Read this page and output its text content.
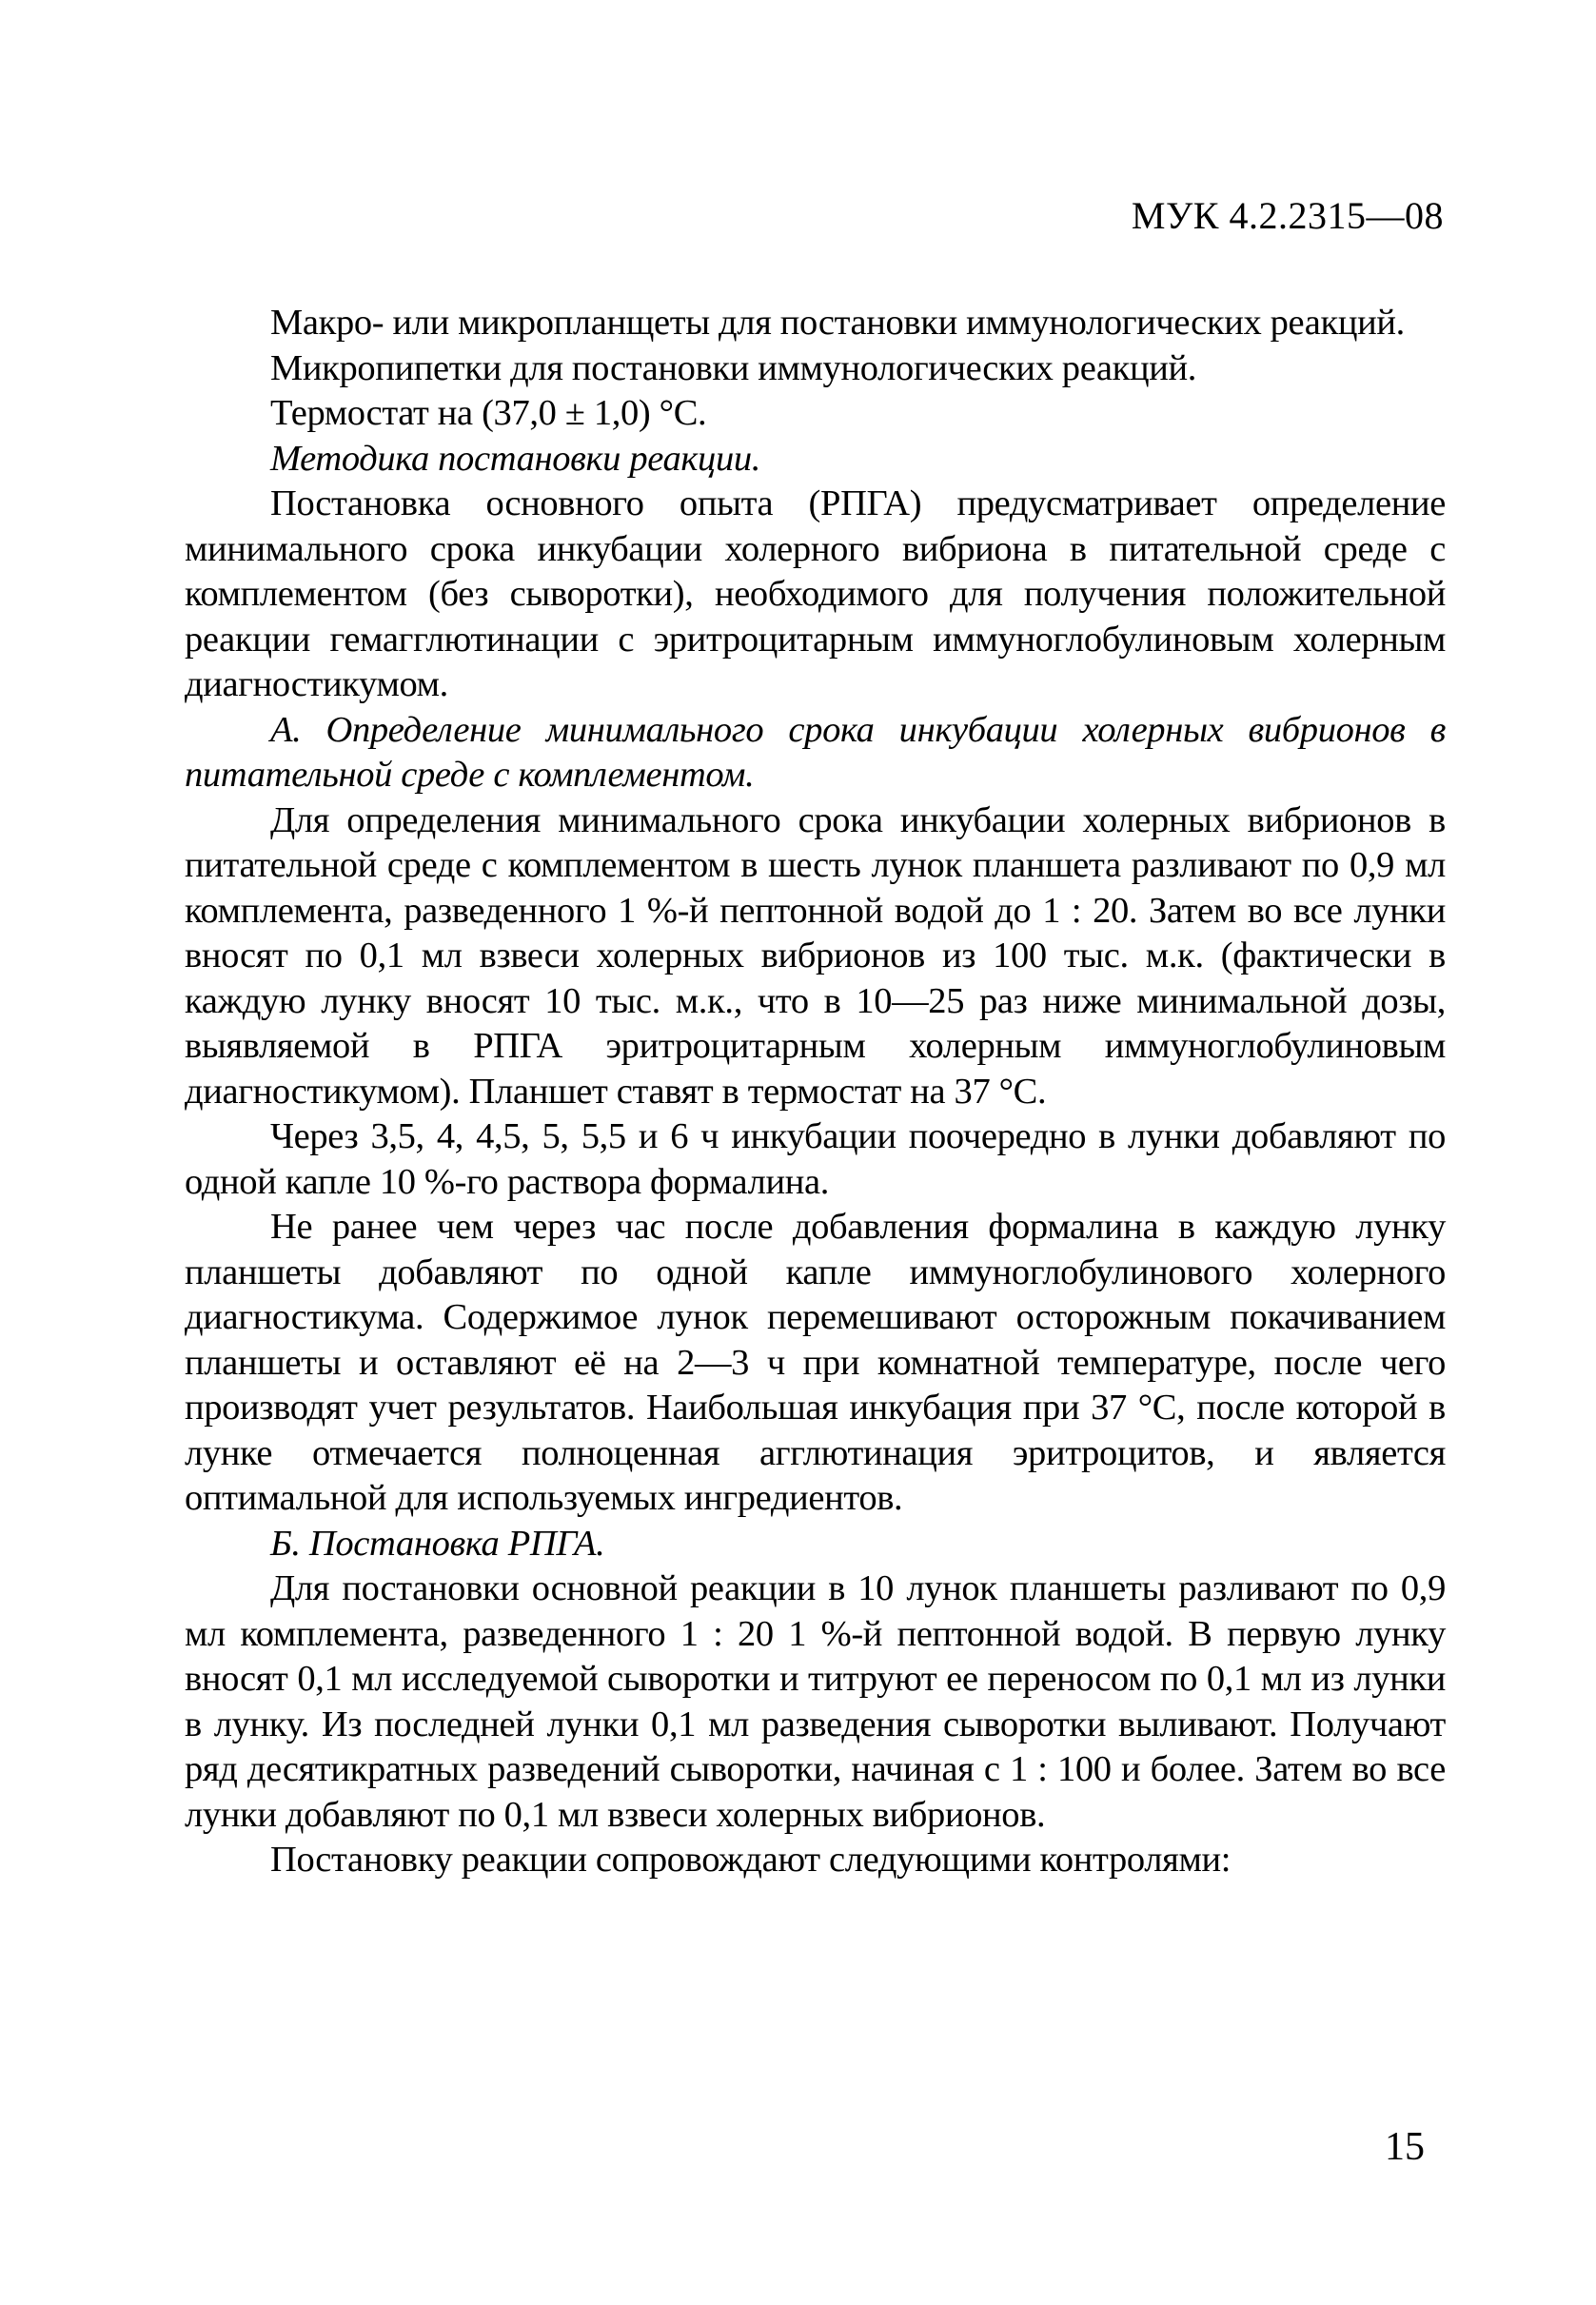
МУК 4.2.2315—08

Макро- или микропланщеты для постановки иммунологических реакций.

Микропипетки для постановки иммунологических реакций.

Термостат на (37,0 ± 1,0) °С.

Методика постановки реакции.

Постановка основного опыта (РПГА) предусматривает определение минимального срока инкубации холерного вибриона в питательной среде с комплементом (без сыворотки), необходимого для получения положительной реакции гемагглютинации с эритроцитарным иммуноглобулиновым холерным диагностикумом.

А. Определение минимального срока инкубации холерных вибрионов в питательной среде с комплементом.

Для определения минимального срока инкубации холерных вибрионов в питательной среде с комплементом в шесть лунок планшета разливают по 0,9 мл комплемента, разведенного 1 %-й пептонной водой до 1 : 20. Затем во все лунки вносят по 0,1 мл взвеси холерных вибрионов из 100 тыс. м.к. (фактически в каждую лунку вносят 10 тыс. м.к., что в 10—25 раз ниже минимальной дозы, выявляемой в РПГА эритроцитарным холерным иммуноглобулиновым диагностикумом). Планшет ставят в термостат на 37 °С.

Через 3,5, 4, 4,5, 5, 5,5 и 6 ч инкубации поочередно в лунки добавляют по одной капле 10 %-го раствора формалина.

Не ранее чем через час после добавления формалина в каждую лунку планшеты добавляют по одной капле иммуноглобулинового холерного диагностикума. Содержимое лунок перемешивают осторожным покачиванием планшеты и оставляют её на 2—3 ч при комнатной температуре, после чего производят учет результатов. Наибольшая инкубация при 37 °С, после которой в лунке отмечается полноценная агглютинация эритроцитов, и является оптимальной для используемых ингредиентов.

Б. Постановка РПГА.

Для постановки основной реакции в 10 лунок планшеты разливают по 0,9 мл комплемента, разведенного 1 : 20 1 %-й пептонной водой. В первую лунку вносят 0,1 мл исследуемой сыворотки и титруют ее переносом по 0,1 мл из лунки в лунку. Из последней лунки 0,1 мл разведения сыворотки выливают. Получают ряд десятикратных разведений сыворотки, начиная с 1 : 100 и более. Затем во все лунки добавляют по 0,1 мл взвеси холерных вибрионов.

Постановку реакции сопровождают следующими контролями:

15
